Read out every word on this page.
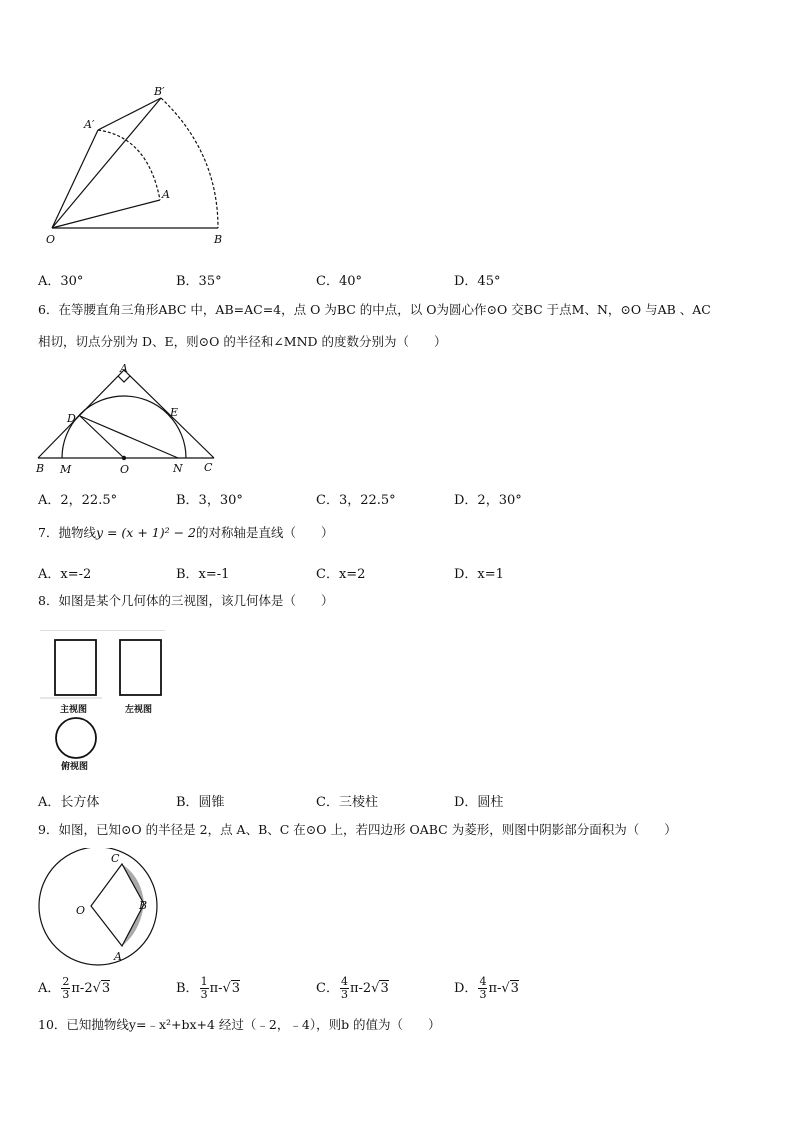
O
A
B
A′
B′
A．30°	B．35°	C．40°	D．45°
6．在等腰直角三角形ABC 中，AB=AC=4，点 O 为BC 的中点，以 O为圆心作⊙O 交BC 于点M、N，⊙O 与AB 、AC
相切，切点分别为 D、E，则⊙O 的半径和∠MND 的度数分别为（　　）
A
B	C
D	E
M	N
O
A．2，22.5°	B．3，30°	C．3，22.5°	D．2，30°
7．抛物线y = (x + 1)² − 2的对称轴是直线（　　）
A．x=-2	B．x=-1	C．x=2	D．x=1
8．如图是某个几何体的三视图，该几何体是（　　）
主视图	左视图
俯视图
A．长方体	B．圆锥	C．三棱柱	D．圆柱
9．如图，已知⊙O 的半径是 2，点 A、B、C 在⊙O 上，若四边形 OABC 为菱形，则图中阴影部分面积为（　　）
O
C
B
A
A． $\frac{2}{3} \pi-2√3$	B． $\frac{1}{3} \pi-√3$	C． $\frac{4}{3} \pi-2√3$	D． $\frac{4}{3} \pi-√3$
10．已知抛物线y=﹣x²+bx+4 经过（﹣2，﹣4），则b 的值为（　　）
